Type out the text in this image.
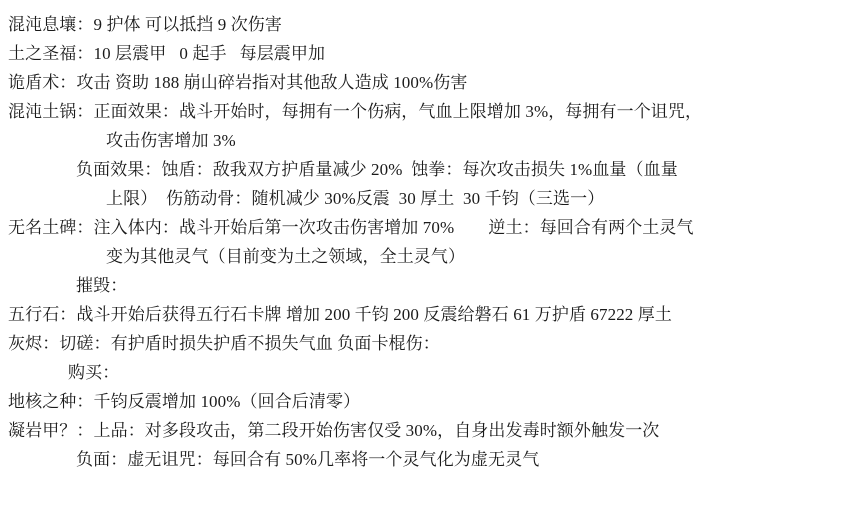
混沌息壤：9 护体 可以抵挡 9 次伤害
土之圣福：10 层震甲   0 起手   每层震甲加
诡盾术：攻击 资助 188 崩山碎岩指对其他敌人造成 100%伤害
混沌土锅：正面效果：战斗开始时，每拥有一个伤病，气血上限增加 3%，每拥有一个诅咒，
攻击伤害增加 3%
负面效果：蚀盾：敌我双方护盾量减少 20%  蚀拳：每次攻击损失 1%血量（血量
上限）  伤筋动骨：随机减少 30%反震  30 厚土  30 千钧（三选一）
无名土碑：注入体内：战斗开始后第一次攻击伤害增加 70%　　逆土：每回合有两个土灵气
变为其他灵气（目前变为土之领域，全土灵气）
摧毁：
五行石：战斗开始后获得五行石卡牌 增加 200 千钧 200 反震给磐石 61 万护盾 67222 厚土
灰烬：切磋：有护盾时损失护盾不损失气血 负面卡棍伤：
购买：
地核之种：千钧反震增加 100%（回合后清零）
凝岩甲？：上品：对多段攻击，第二段开始伤害仅受 30%，自身出发毒时额外触发一次
负面：虚无诅咒：每回合有 50%几率将一个灵气化为虚无灵气
